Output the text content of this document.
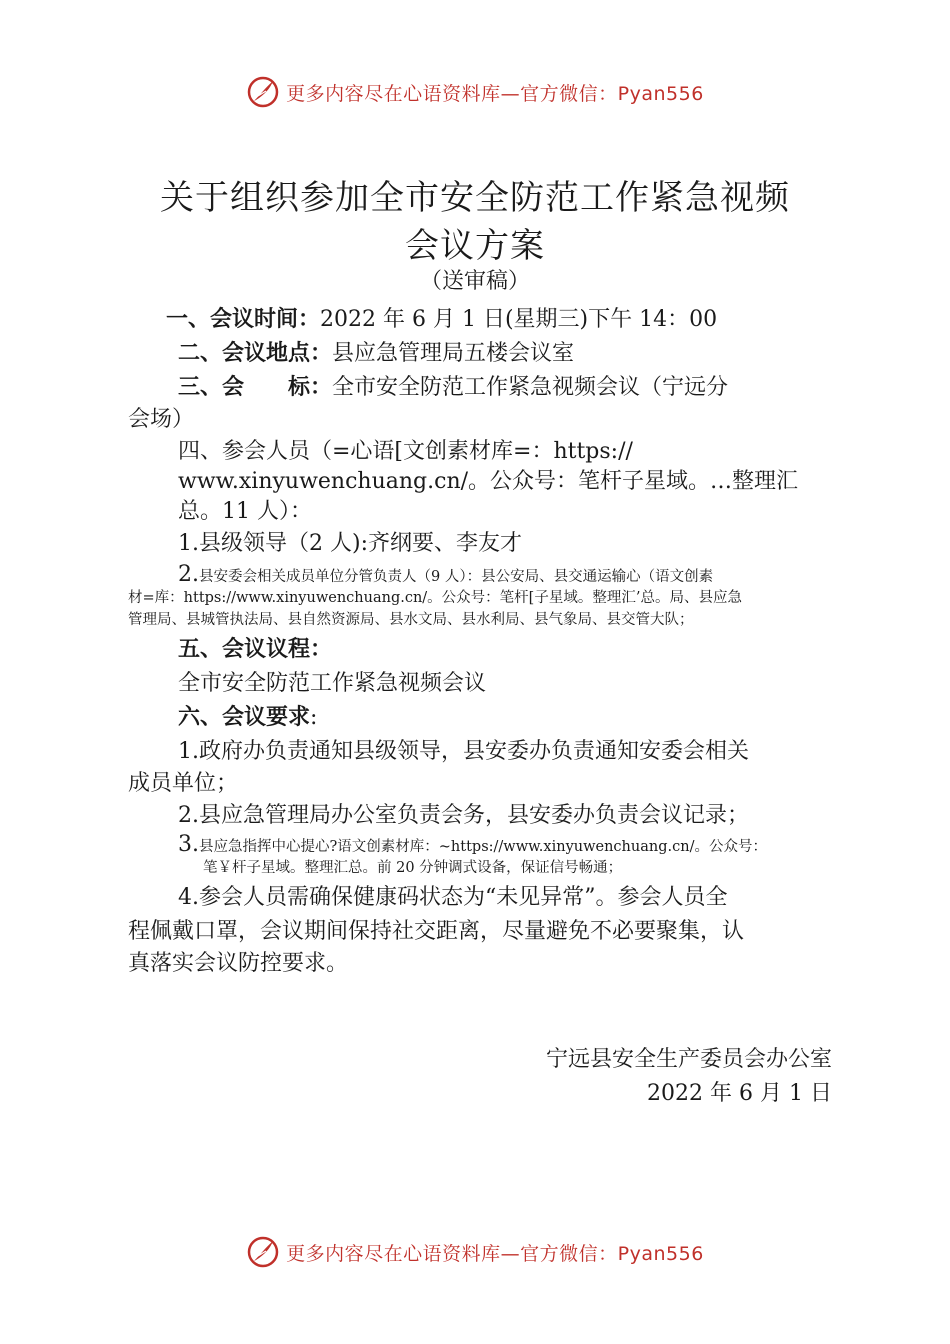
更多内容尽在心语资料库—官方微信：Pyan556
关于组织参加全市安全防范工作紧急视频
会议方案
（送审稿）
一、会议时间：2022 年 6 月 1 日(星期三)下午 14：00
二、会议地点：县应急管理局五楼会议室
三、会　　标：全市安全防范工作紧急视频会议（宁远分
会场）
四、参会人员（=心语[文创素材库=：https://
www.xinyuwenchuang.cn/。公众号：笔杆子星域。…整理汇
总。11 人）：
1.县级领导（2 人):齐纲要、李友才
2.县安委会相关成员单位分管负责人（9 人）：县公安局、县交通运输心（语文创素
材=库：https://www.xinyuwenchuang.cn/。公众号：笔杆[子星域。整理汇’总。局、县应急
管理局、县城管执法局、县自然资源局、县水文局、县水利局、县气象局、县交管大队；
五、会议议程：
全市安全防范工作紧急视频会议
六、会议要求:
1.政府办负责通知县级领导，县安委办负责通知安委会相关
成员单位；
2.县应急管理局办公室负责会务，县安委办负责会议记录；
3.县应急指挥中心提心?语文创素材库：~https://www.xinyuwenchuang.cn/。公众号：
笔￥杆子星域。整理汇总。前 20 分钟调式设备，保证信号畅通；
4.参会人员需确保健康码状态为“未见异常”。参会人员全
程佩戴口罩，会议期间保持社交距离，尽量避免不必要聚集，认
真落实会议防控要求。
宁远县安全生产委员会办公室
2022 年 6 月 1 日
更多内容尽在心语资料库—官方微信：Pyan556
